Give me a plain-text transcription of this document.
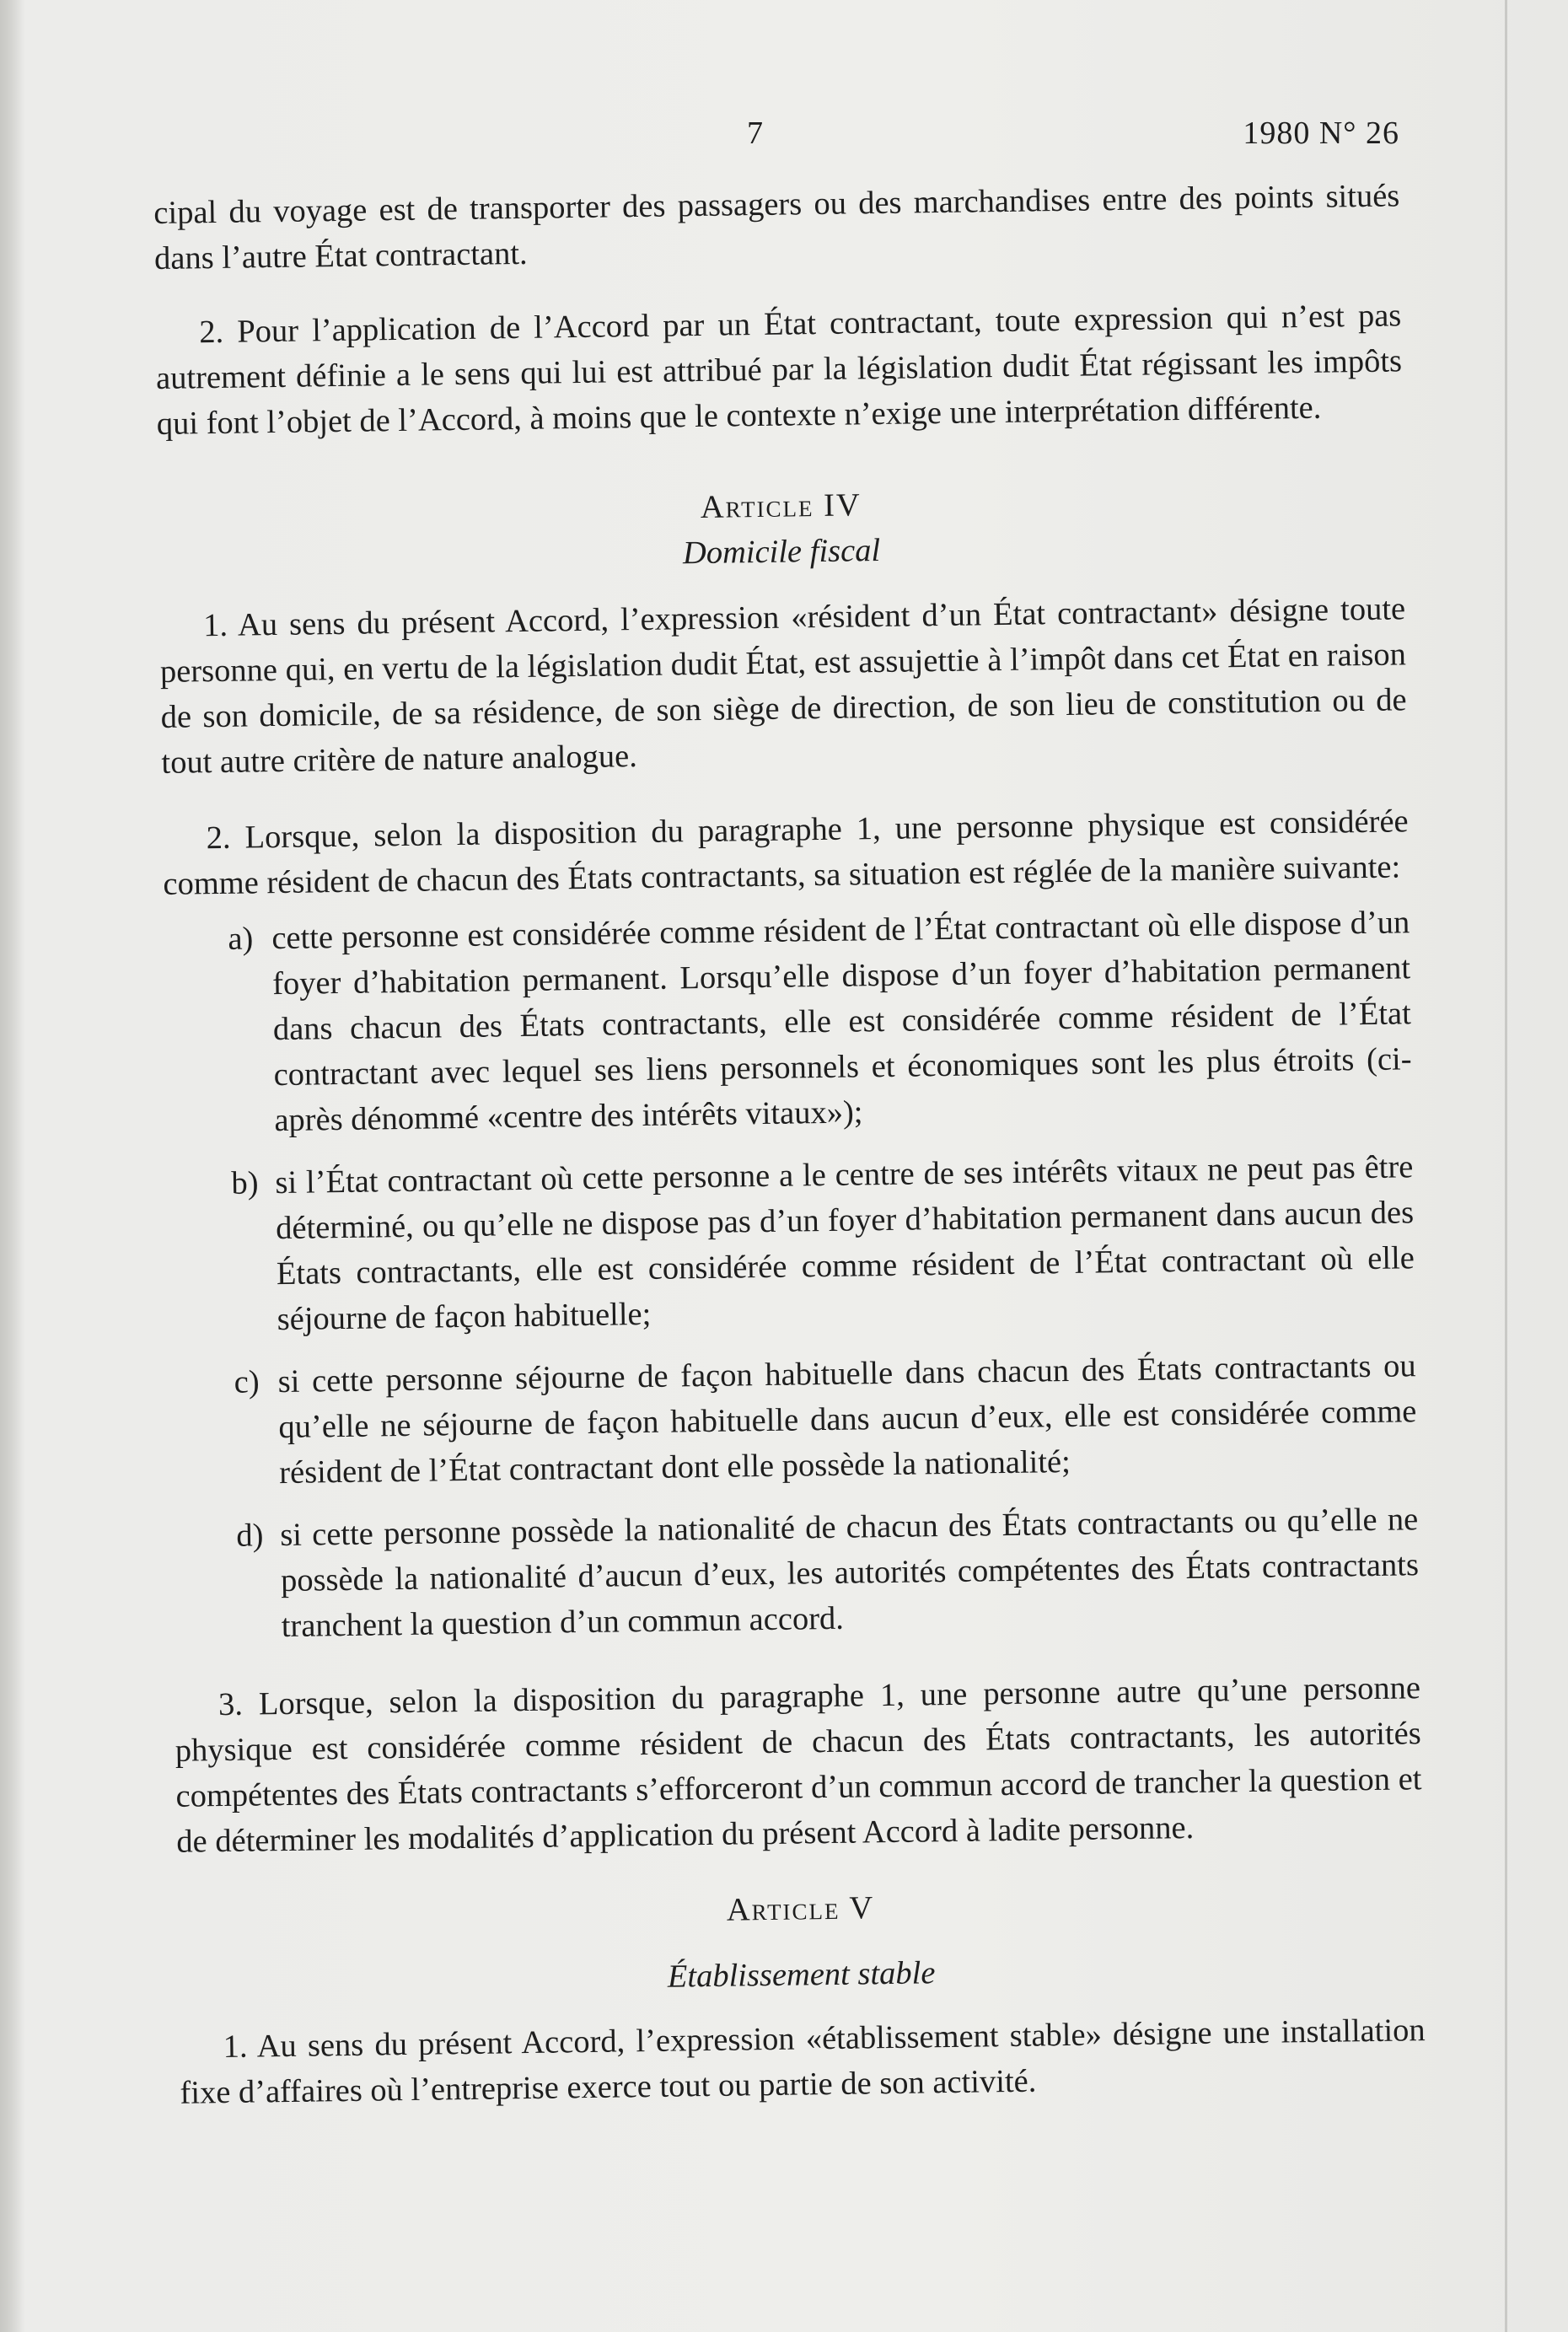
7	1980 N° 26

cipal du voyage est de transporter des passagers ou des marchandises entre des points situés dans l’autre État contractant.

2. Pour l’application de l’Accord par un État contractant, toute expression qui n’est pas autrement définie a le sens qui lui est attribué par la législation dudit État régissant les impôts qui font l’objet de l’Accord, à moins que le contexte n’exige une interprétation différente.

Article IV
Domicile fiscal

1. Au sens du présent Accord, l’expression «résident d’un État contractant» désigne toute personne qui, en vertu de la législation dudit État, est assujettie à l’impôt dans cet État en raison de son domicile, de sa résidence, de son siège de direction, de son lieu de constitution ou de tout autre critère de nature analogue.

2. Lorsque, selon la disposition du paragraphe 1, une personne physique est considérée comme résident de chacun des États contractants, sa situation est réglée de la manière suivante:

a) cette personne est considérée comme résident de l’État contractant où elle dispose d’un foyer d’habitation permanent. Lorsqu’elle dispose d’un foyer d’habitation permanent dans chacun des États contractants, elle est considérée comme résident de l’État contractant avec lequel ses liens personnels et économiques sont les plus étroits (ci-après dénommé «centre des intérêts vitaux»);
b) si l’État contractant où cette personne a le centre de ses intérêts vitaux ne peut pas être déterminé, ou qu’elle ne dispose pas d’un foyer d’habitation permanent dans aucun des États contractants, elle est considérée comme résident de l’État contractant où elle séjourne de façon habituelle;
c) si cette personne séjourne de façon habituelle dans chacun des États contractants ou qu’elle ne séjourne de façon habituelle dans aucun d’eux, elle est considérée comme résident de l’État contractant dont elle possède la nationalité;
d) si cette personne possède la nationalité de chacun des États contractants ou qu’elle ne possède la nationalité d’aucun d’eux, les autorités compétentes des États contractants tranchent la question d’un commun accord.

3. Lorsque, selon la disposition du paragraphe 1, une personne autre qu’une personne physique est considérée comme résident de chacun des États contractants, les autorités compétentes des États contractants s’efforceront d’un commun accord de trancher la question et de déterminer les modalités d’application du présent Accord à ladite personne.

Article V
Établissement stable

1. Au sens du présent Accord, l’expression «établissement stable» désigne une installation fixe d’affaires où l’entreprise exerce tout ou partie de son activité.
